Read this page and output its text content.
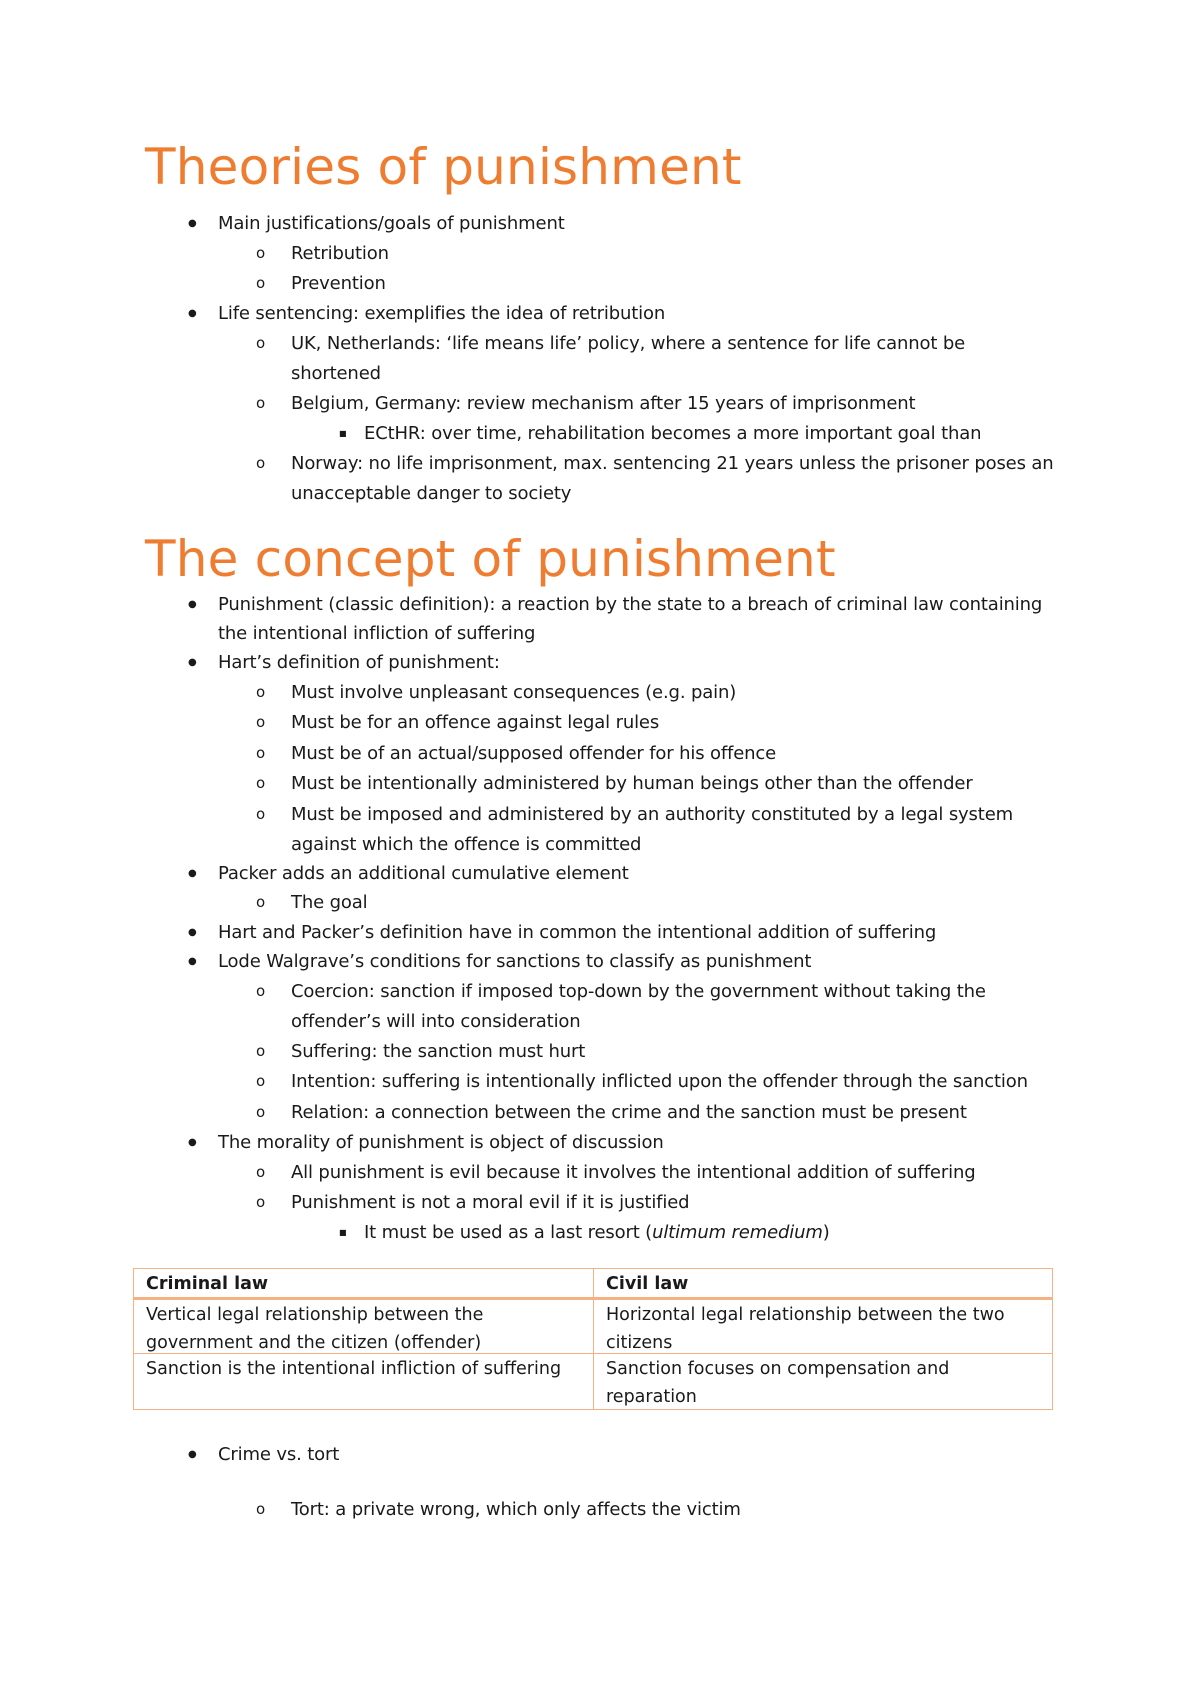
Theories of punishment
● Main justifications/goals of punishment
o Retribution
o Prevention
● Life sentencing: exemplifies the idea of retribution
o UK, Netherlands: ‘life means life’ policy, where a sentence for life cannot be
shortened
o Belgium, Germany: review mechanism after 15 years of imprisonment
■ ECtHR: over time, rehabilitation becomes a more important goal than
o Norway: no life imprisonment, max. sentencing 21 years unless the prisoner poses an
unacceptable danger to society
The concept of punishment
● Punishment (classic definition): a reaction by the state to a breach of criminal law containing
the intentional infliction of suffering
● Hart’s definition of punishment:
o Must involve unpleasant consequences (e.g. pain)
o Must be for an offence against legal rules
o Must be of an actual/supposed offender for his offence
o Must be intentionally administered by human beings other than the offender
o Must be imposed and administered by an authority constituted by a legal system
against which the offence is committed
● Packer adds an additional cumulative element
o The goal
● Hart and Packer’s definition have in common the intentional addition of suffering
● Lode Walgrave’s conditions for sanctions to classify as punishment
o Coercion: sanction if imposed top-down by the government without taking the
offender’s will into consideration
o Suffering: the sanction must hurt
o Intention: suffering is intentionally inflicted upon the offender through the sanction
o Relation: a connection between the crime and the sanction must be present
● The morality of punishment is object of discussion
o All punishment is evil because it involves the intentional addition of suffering
o Punishment is not a moral evil if it is justified
■ It must be used as a last resort (ultimum remedium)
Criminal law	Civil law
Vertical legal relationship between the
government and the citizen (offender)
Horizontal legal relationship between the two
citizens
Sanction is the intentional infliction of suffering	Sanction focuses on compensation and
reparation
● Crime vs. tort
o Tort: a private wrong, which only affects the victim
